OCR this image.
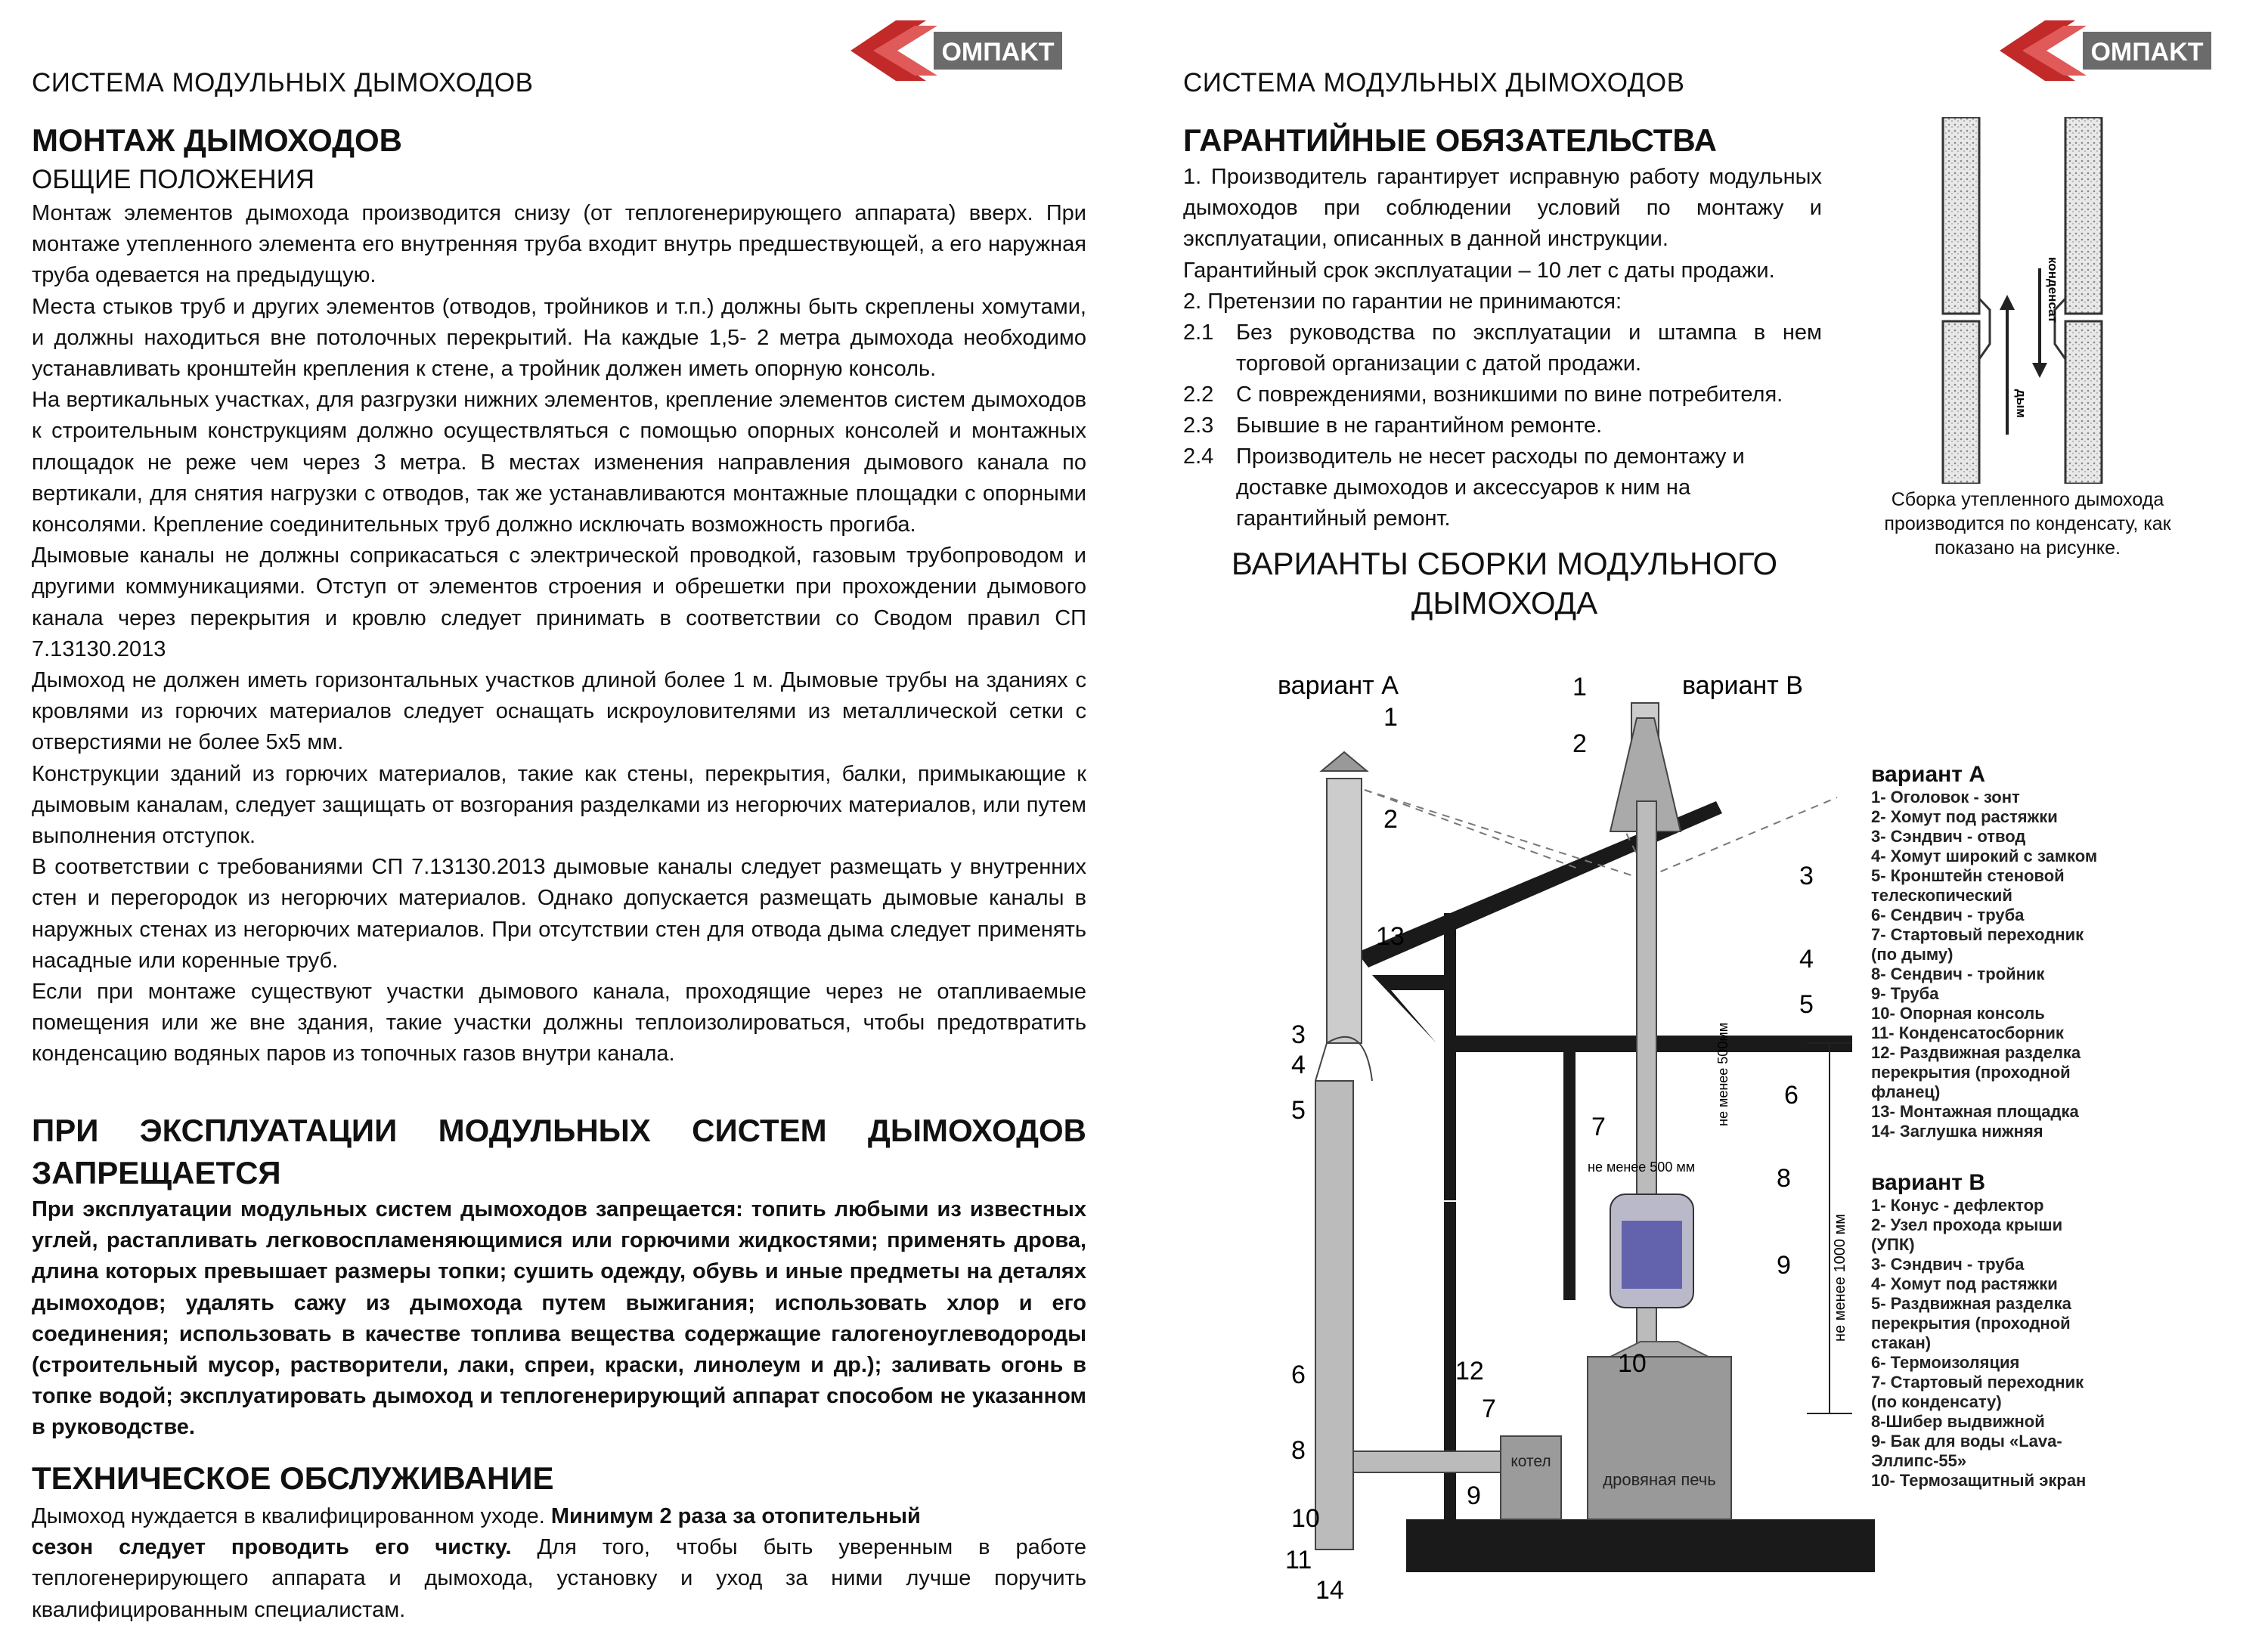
OMПAKT
СИСТЕМА МОДУЛЬНЫХ ДЫМОХОДОВ
МОНТАЖ ДЫМОХОДОВ
ОБЩИЕ ПОЛОЖЕНИЯ

Монтаж элементов дымохода производится снизу (от теплогенерирующего аппарата) вверх. При монтаже утепленного элемента его внутренняя труба входит внутрь предшествующей, а его наружная труба одевается на предыдущую.

Места стыков труб и других элементов (отводов, тройников и т.п.) должны быть скреплены хомутами, и должны находиться вне потолочных перекрытий. На каждые 1,5- 2 метра дымохода необходимо устанавливать кронштейн крепления к стене, а тройник должен иметь опорную консоль.

На вертикальных участках, для разгрузки нижних элементов, крепление элементов систем дымоходов к строительным конструкциям должно осуществляться с помощью опорных консолей и монтажных площадок не реже чем через 3 метра. В местах изменения направления дымового канала по вертикали, для снятия нагрузки с отводов, так же устанавливаются монтажные площадки с опорными консолями. Крепление соединительных труб должно исключать возможность прогиба.

Дымовые каналы не должны соприкасаться с электрической проводкой, газовым трубопроводом и другими коммуникациями. Отступ от элементов строения и обрешетки при прохождении дымового канала через перекрытия и кровлю следует принимать в соответствии со Сводом правил СП 7.13130.2013

Дымоход не должен иметь горизонтальных участков длиной более 1 м. Дымовые трубы на зданиях с кровлями из горючих материалов следует оснащать искроуловителями из металлической сетки с отверстиями не более 5х5 мм.

Конструкции зданий из горючих материалов, такие как стены, перекрытия, балки, примыкающие к дымовым каналам, следует защищать от возгорания разделками из негорючих материалов, или путем выполнения отступок.

В соответствии с требованиями СП 7.13130.2013 дымовые каналы следует размещать у внутренних стен и перегородок из негорючих материалов. Однако допускается размещать дымовые каналы в наружных стенах из негорючих материалов. При отсутствии стен для отвода дыма следует применять насадные или коренные труб.

Если при монтаже существуют участки дымового канала, проходящие через не отапливаемые помещения или же вне здания, такие участки должны теплоизолироваться, чтобы предотвратить конденсацию водяных паров из топочных газов внутри канала.

ПРИ ЭКСПЛУАТАЦИИ МОДУЛЬНЫХ СИСТЕМ ДЫМОХОДОВ ЗАПРЕЩАЕТСЯ

При эксплуатации модульных систем дымоходов запрещается: топить любыми из известных углей, растапливать легковоспламеняющимися или горючими жидкостями; применять дрова, длина которых превышает размеры топки; сушить одежду, обувь и иные предметы на деталях дымоходов; удалять сажу из дымохода путем выжигания; использовать хлор и его соединения; использовать в качестве топлива вещества содержащие галогеноуглеводороды (строительный мусор, растворители, лаки, спреи, краски, линолеум и др.); заливать огонь в топке водой; эксплуатировать дымоход и теплогенерирующий аппарат способом не указанном в руководстве.

ТЕХНИЧЕСКОЕ ОБСЛУЖИВАНИЕ
Дымоход нуждается в квалифицированном уходе. Минимум 2 раза за отопительный
сезон следует проводить его чистку. Для того, чтобы быть уверенным в работе теплогенерирующего аппарата и дымохода, установку и уход за ними лучше поручить квалифицированным специалистам.
OMПAKT
СИСТЕМА МОДУЛЬНЫХ ДЫМОХОДОВ
ГАРАНТИЙНЫЕ ОБЯЗАТЕЛЬСТВА
1. Производитель гарантирует исправную работу модульных дымоходов при соблюдении условий по монтажу и эксплуатации, описанных в данной инструкции.
Гарантийный срок эксплуатации – 10 лет с даты продажи.
2. Претензии по гарантии не принимаются:
2.1	Без руководства по эксплуатации и штампа в нем торговой организации с датой продажи.
2.2	С повреждениями, возникшими по вине потребителя.
2.3	Бывшие в не гарантийном ремонте.
2.4	Производитель не несет расходы по демонтажу и доставке дымоходов и аксессуаров к ним на гарантийный ремонт.
дым
конденсат
Сборка утепленного дымохода производится по конденсату, как показано на рисунке.
ВАРИАНТЫ СБОРКИ МОДУЛЬНОГО ДЫМОХОДА
дровяная печь
котел
не менее 1000 мм
не менее 500мм
не менее 500 мм
вариант А	вариант В
1
2
3
4
5
6
7
8
9
10
11
12
13
14
1
2
3
4
5
6
7
8
9
10
вариант А
1- Оголовок - зонт
2- Хомут под растяжки
3- Сэндвич - отвод
4- Хомут широкий с замком
5- Кронштейн стеновой телескопический
6- Сендвич - труба
7- Стартовый переходник (по дыму)
8- Сендвич - тройник
9- Труба
10- Опорная консоль
11- Конденсатосборник
12- Раздвижная разделка перекрытия (проходной фланец)
13- Монтажная площадка
14- Заглушка нижняя
вариант В
1- Конус - дефлектор
2- Узел прохода крыши (УПК)
3- Сэндвич - труба
4- Хомут под растяжки
5- Раздвижная разделка перекрытия (проходной стакан)
6- Термоизоляция
7- Стартовый переходник (по конденсату)
8-Шибер выдвижной
9- Бак для воды «Lava-Эллипс-55»
10- Термозащитный экран
